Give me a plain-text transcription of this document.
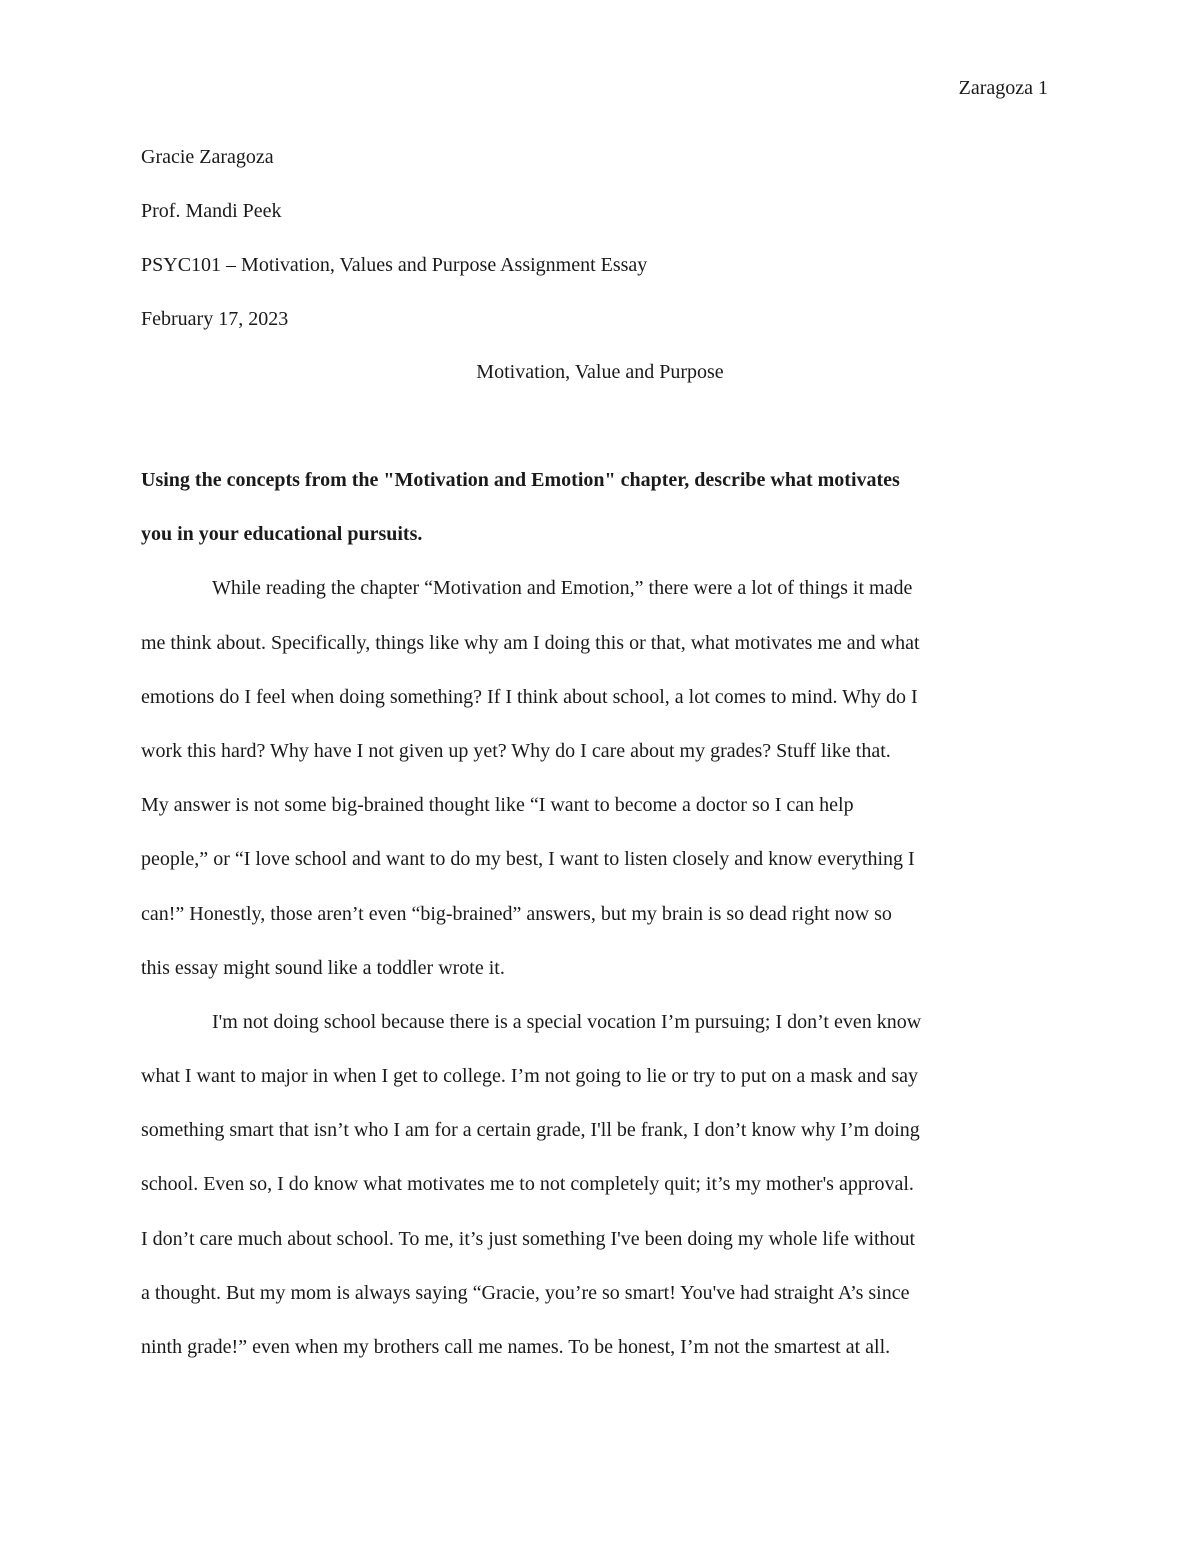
Zaragoza 1
Gracie Zaragoza
Prof. Mandi Peek
PSYC101 – Motivation, Values and Purpose Assignment Essay
February 17, 2023
Motivation, Value and Purpose
Using the concepts from the "Motivation and Emotion" chapter, describe what motivates
you in your educational pursuits.
While reading the chapter “Motivation and Emotion,” there were a lot of things it made
me think about. Specifically, things like why am I doing this or that, what motivates me and what
emotions do I feel when doing something? If I think about school, a lot comes to mind. Why do I
work this hard? Why have I not given up yet? Why do I care about my grades? Stuff like that.
My answer is not some big-brained thought like “I want to become a doctor so I can help
people,” or “I love school and want to do my best, I want to listen closely and know everything I
can!” Honestly, those aren’t even “big-brained” answers, but my brain is so dead right now so
this essay might sound like a toddler wrote it.
I'm not doing school because there is a special vocation I’m pursuing; I don’t even know
what I want to major in when I get to college. I’m not going to lie or try to put on a mask and say
something smart that isn’t who I am for a certain grade, I'll be frank, I don’t know why I’m doing
school. Even so, I do know what motivates me to not completely quit; it’s my mother's approval.
I don’t care much about school. To me, it’s just something I've been doing my whole life without
a thought. But my mom is always saying “Gracie, you’re so smart! You've had straight A’s since
ninth grade!” even when my brothers call me names. To be honest, I’m not the smartest at all.
